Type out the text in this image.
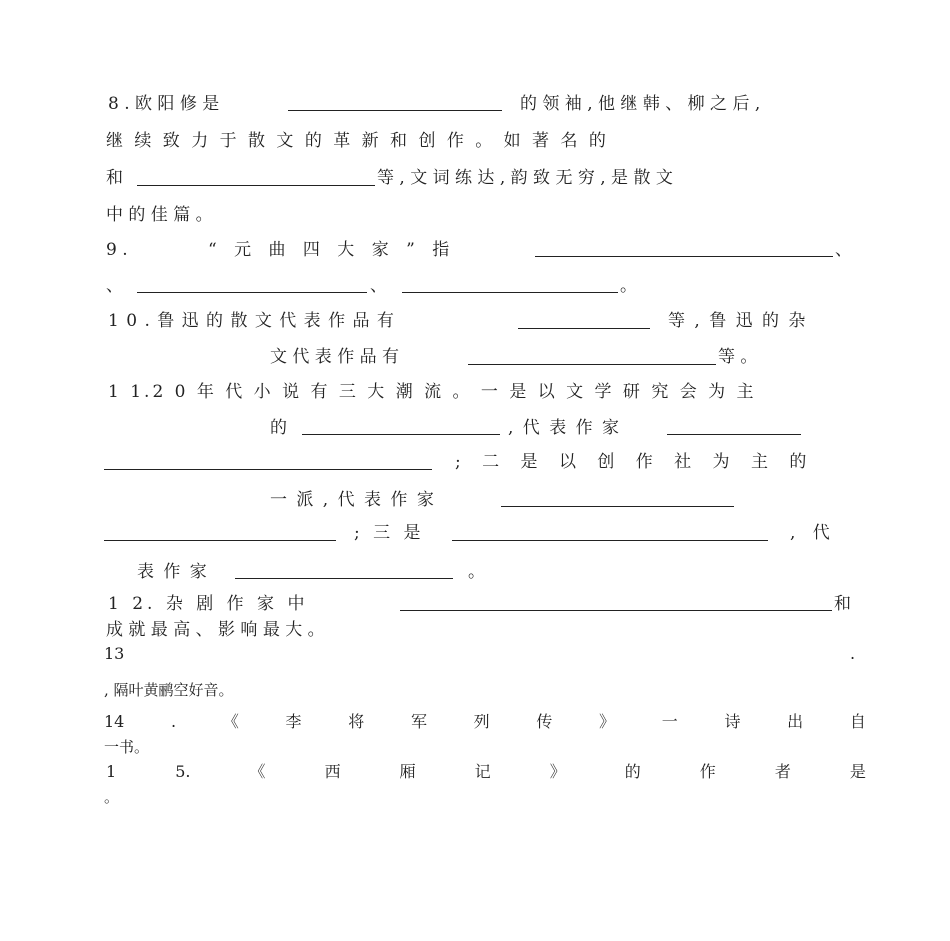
8 . 欧 阳 修 是	的 领 袖 , 他 继 韩 、 柳 之 后 ,
继 续 致 力 于 散 文 的 革 新 和 创 作 。 如 著 名 的
和	等 , 文 词 练 达 , 韵 致 无 穷 , 是 散 文
中 的 佳 篇 。
9 .	“ 元 曲 四 大 家 ” 指	、
、	、	。
1 0 . 鲁 迅 的 散 文 代 表 作 品 有	等 , 鲁 迅 的 杂
文 代 表 作 品 有	等 。
1 1.2 0 年 代 小 说 有 三 大 潮 流 。 一 是 以 文 学 研 究 会 为 主
的	, 代 表 作 家
; 二 是 以 创 作 社 为 主 的
一 派 , 代 表 作 家
; 三 是	, 代
表 作 家	。
1 2. 杂 剧 作 家 中	和
成 就 最 高 、 影 响 最 大 。
13	.
, 隔叶黄鹂空好音。
14	.	《	李	将	军	列	传	》	一	诗	出	自
一书。
1	5.	《	西	厢	记	》	的	作	者	是
。
